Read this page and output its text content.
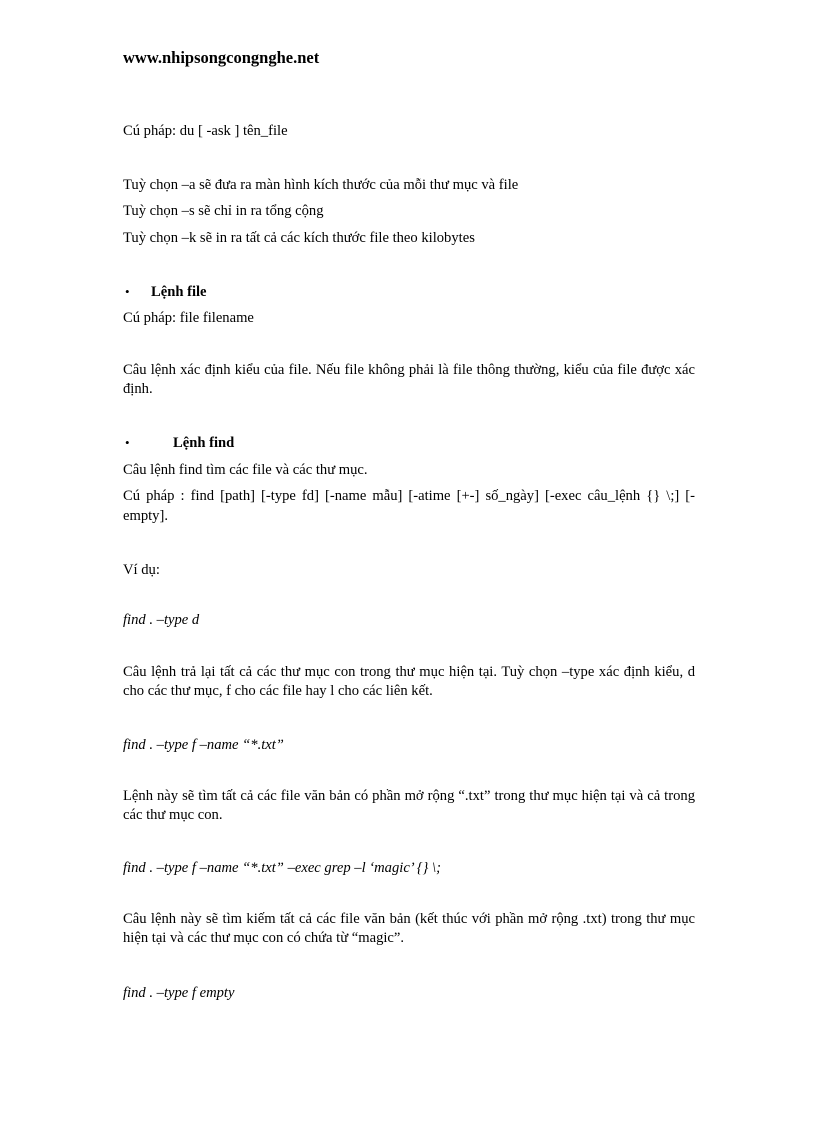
www.nhipsongcongnghe.net
Cú pháp: du [ -ask ] tên_file
Tuỳ chọn –a sẽ đưa ra màn hình kích thước của mỗi thư mục và file
Tuỳ chọn –s sẽ chỉ in ra tổng cộng
Tuỳ chọn –k sẽ in ra tất cả các kích thước file theo kilobytes
• Lệnh file
Cú pháp: file filename
Câu lệnh xác định kiểu của file. Nếu file không phải là file thông thường, kiểu của file được xác định.
•	Lệnh find
Câu lệnh find tìm các file và các thư mục.
Cú pháp : find [path] [-type fd] [-name mẫu] [-atime [+-] số_ngày] [-exec câu_lệnh {} \;] [-empty].
Ví dụ:
find . –type d
Câu lệnh trả lại tất cả các thư mục con trong thư mục hiện tại. Tuỳ chọn –type xác định kiểu, d cho các thư mục, f cho các file hay l cho các liên kết.
find . –type f –name “*.txt”
Lệnh này sẽ tìm tất cả các file văn bản có phần mở rộng “.txt” trong thư mục hiện tại và cả trong các thư mục con.
find . –type f –name “*.txt” –exec grep –l ‘magic’ {} \;
Câu lệnh này sẽ tìm kiếm tất cả các file văn bản (kết thúc với phần mở rộng .txt) trong thư mục hiện tại và các thư mục con có chứa từ “magic”.
find . –type f empty
